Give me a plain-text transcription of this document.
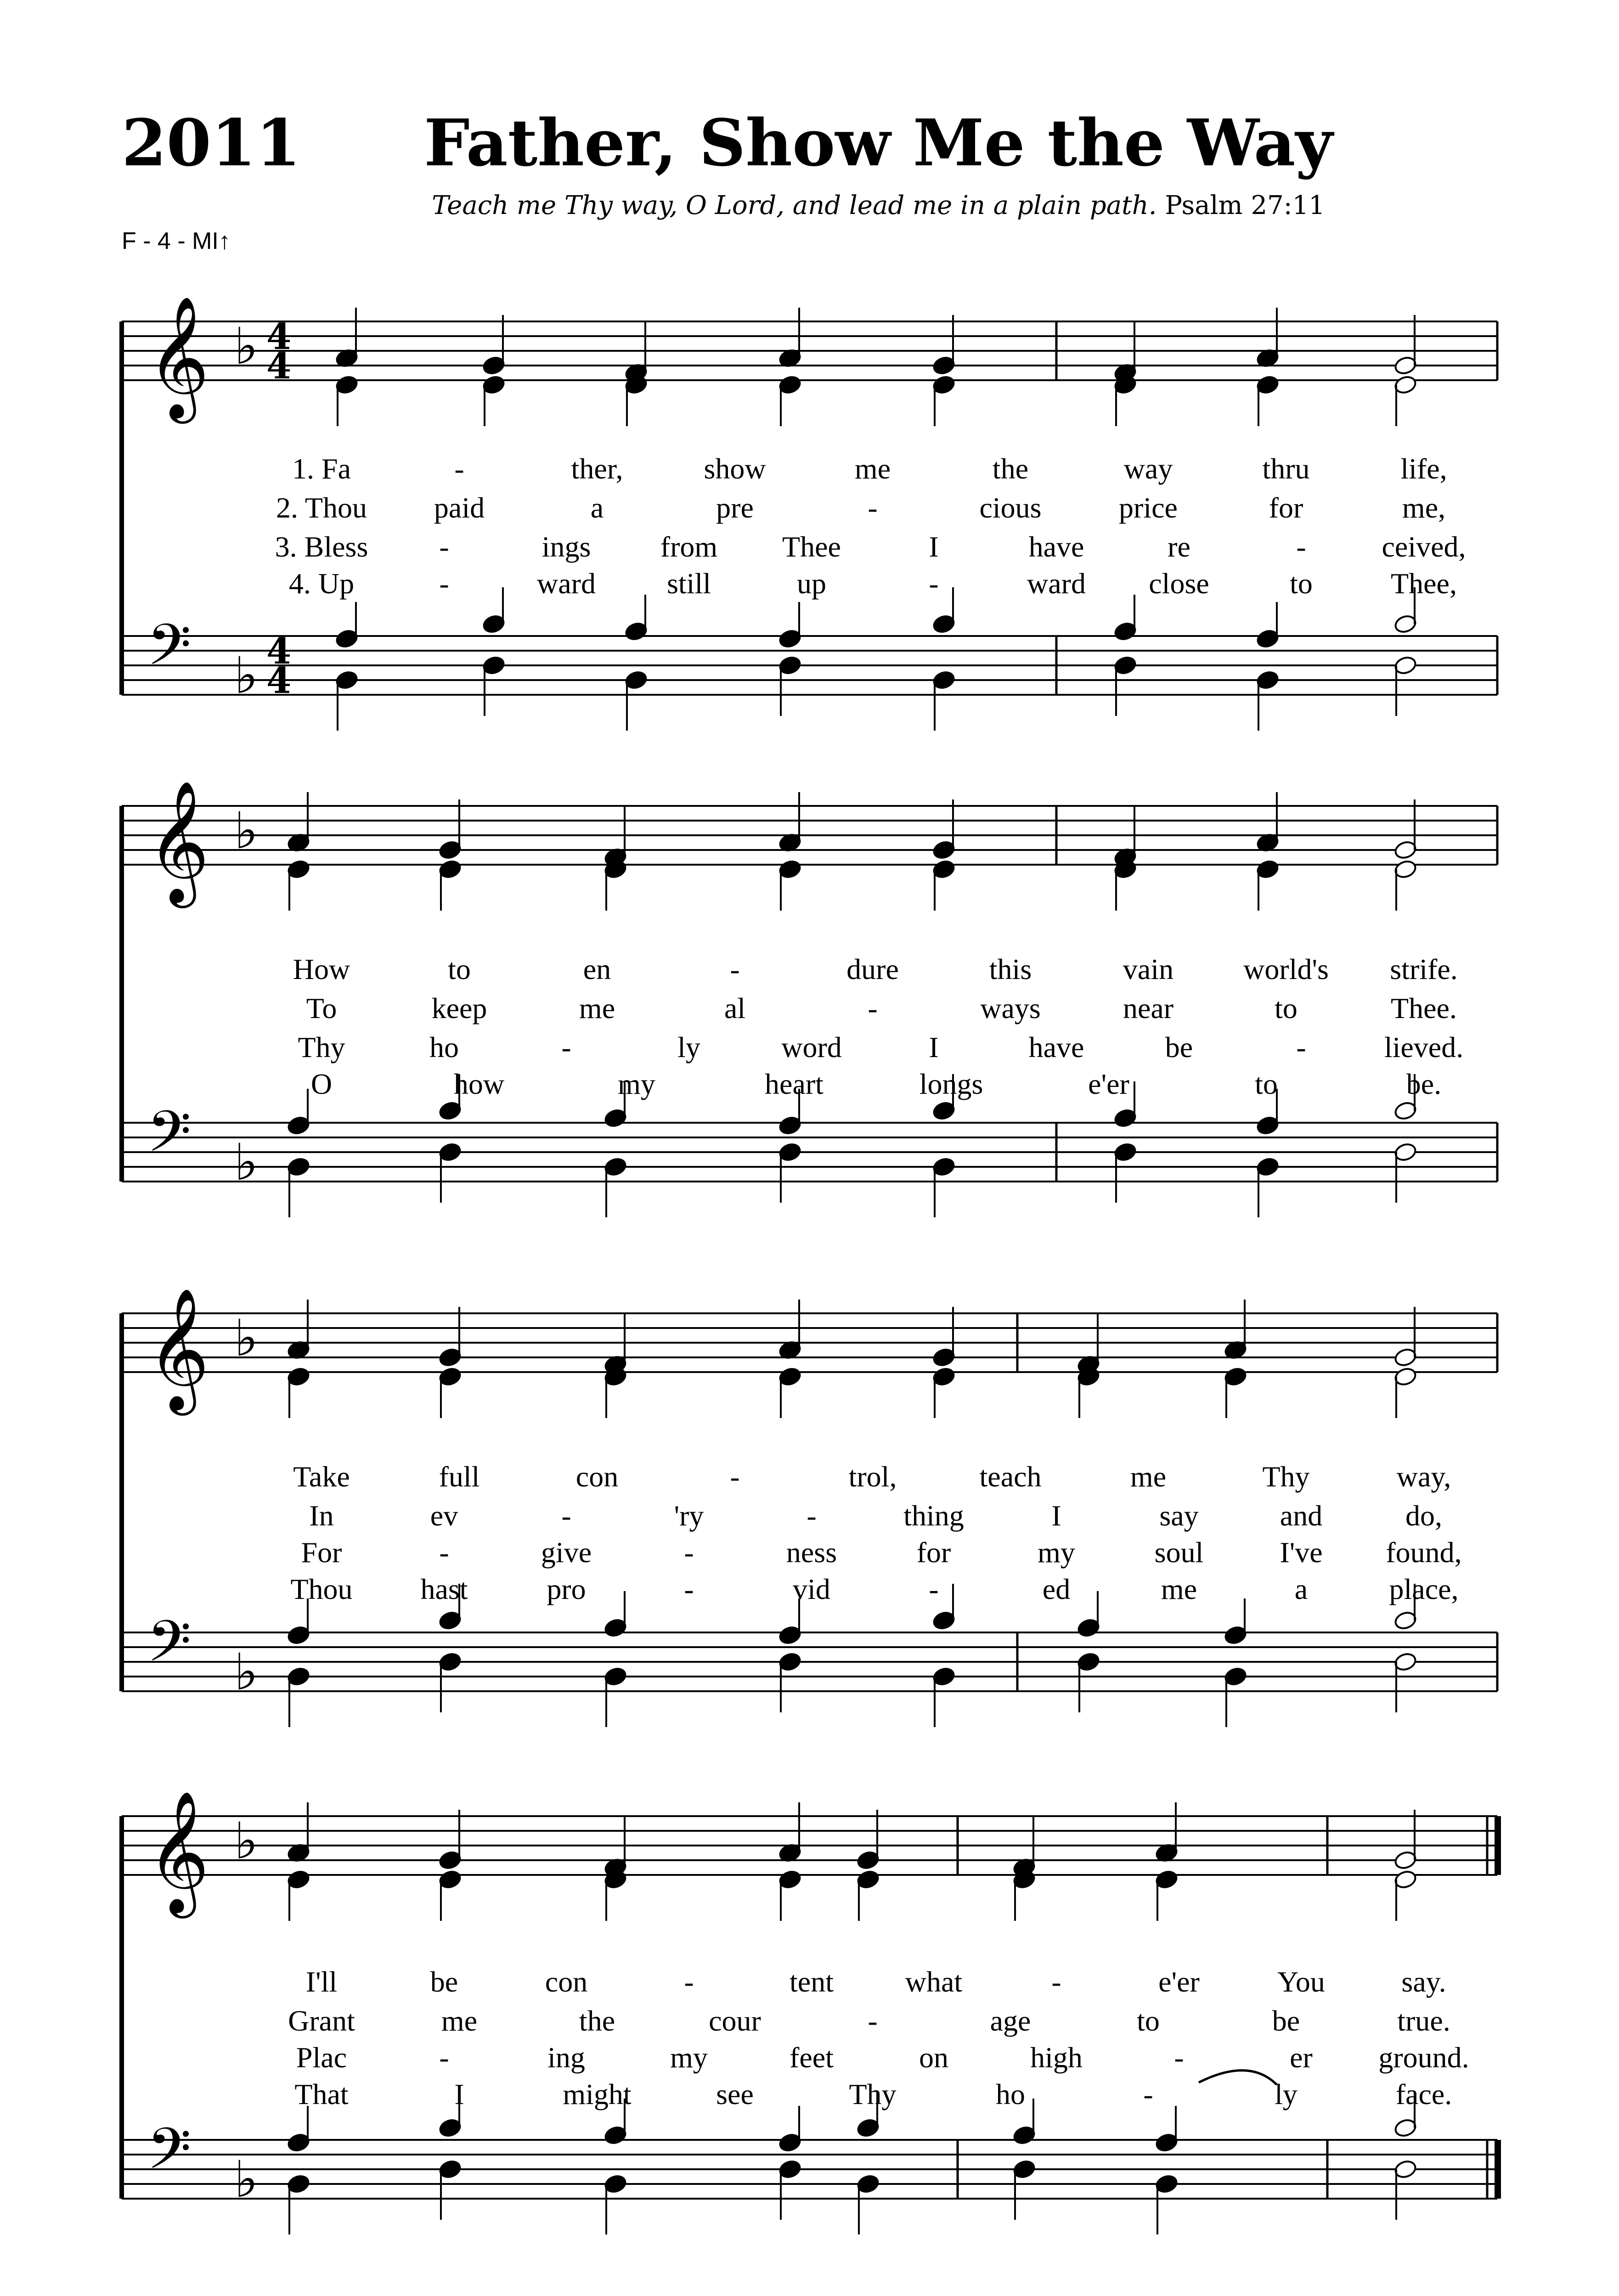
2011	Father, Show Me the Way
Teach me Thy way, O Lord, and lead me in a plain path. Psalm 27:11
F - 4 - MI↑
𝄞 ♭ 4
4
𝄢 ♭ 4
4
1. Fa	-	ther,	show	me	the	way	thru	life,
2. Thou paid	a	pre	-	cious	price	for	me,
3. Bless -	ings from Thee	I	have	re	-	ceived,
4. Up	-	ward still	up	-	ward close	to	Thee,
𝄞 ♭
𝄢 ♭
How	to	en	-	dure	this	vain world's strife.
To	keep	me	al	-	ways	near	to	Thee.
Thy	ho	-	ly	word	I	have	be	-	lieved.
O	how	my	heart	longs	e'er	to	be.
𝄞 ♭
𝄢 ♭
Take	full	con	-	trol,	teach	me	Thy	way,
In	ev	-	'ry	-	thing	I	say	and	do,
For	-	give	-	ness	for	my	soul	I've found,
Thou hast	pro	-	vid	-	ed	me	a	place,
𝄞 ♭
𝄢 ♭
I'll	be	con	-	tent what	-	e'er	You	say.
Grant	me	the	cour	-	age	to	be	true.
Plac	-	ing	my	feet	on	high	-	er ground.
That	I	might	see	Thy	ho	-	ly	face.
